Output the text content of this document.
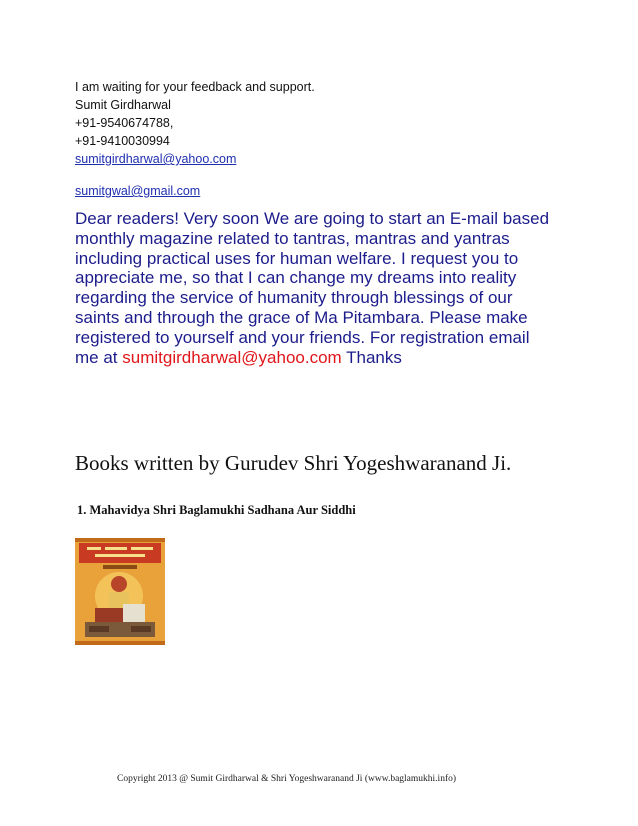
I am waiting for your feedback and support.
Sumit Girdharwal
+91-9540674788,
+91-9410030994
sumitgirdharwal@yahoo.com
sumitgwal@gmail.com
Dear readers! Very soon We are going to start an E-mail based monthly magazine related to tantras, mantras and yantras including practical uses for human welfare. I request you to appreciate me, so that I can change my dreams into reality regarding the service of humanity through blessings of our saints and through the grace of Ma Pitambara. Please make registered to yourself and your friends. For registration email me at sumitgirdharwal@yahoo.com Thanks
Books written by Gurudev Shri Yogeshwaranand Ji.
1. Mahavidya Shri Baglamukhi Sadhana Aur Siddhi
Copyright 2013 @ Sumit Girdharwal & Shri Yogeshwaranand Ji (www.baglamukhi.info)
